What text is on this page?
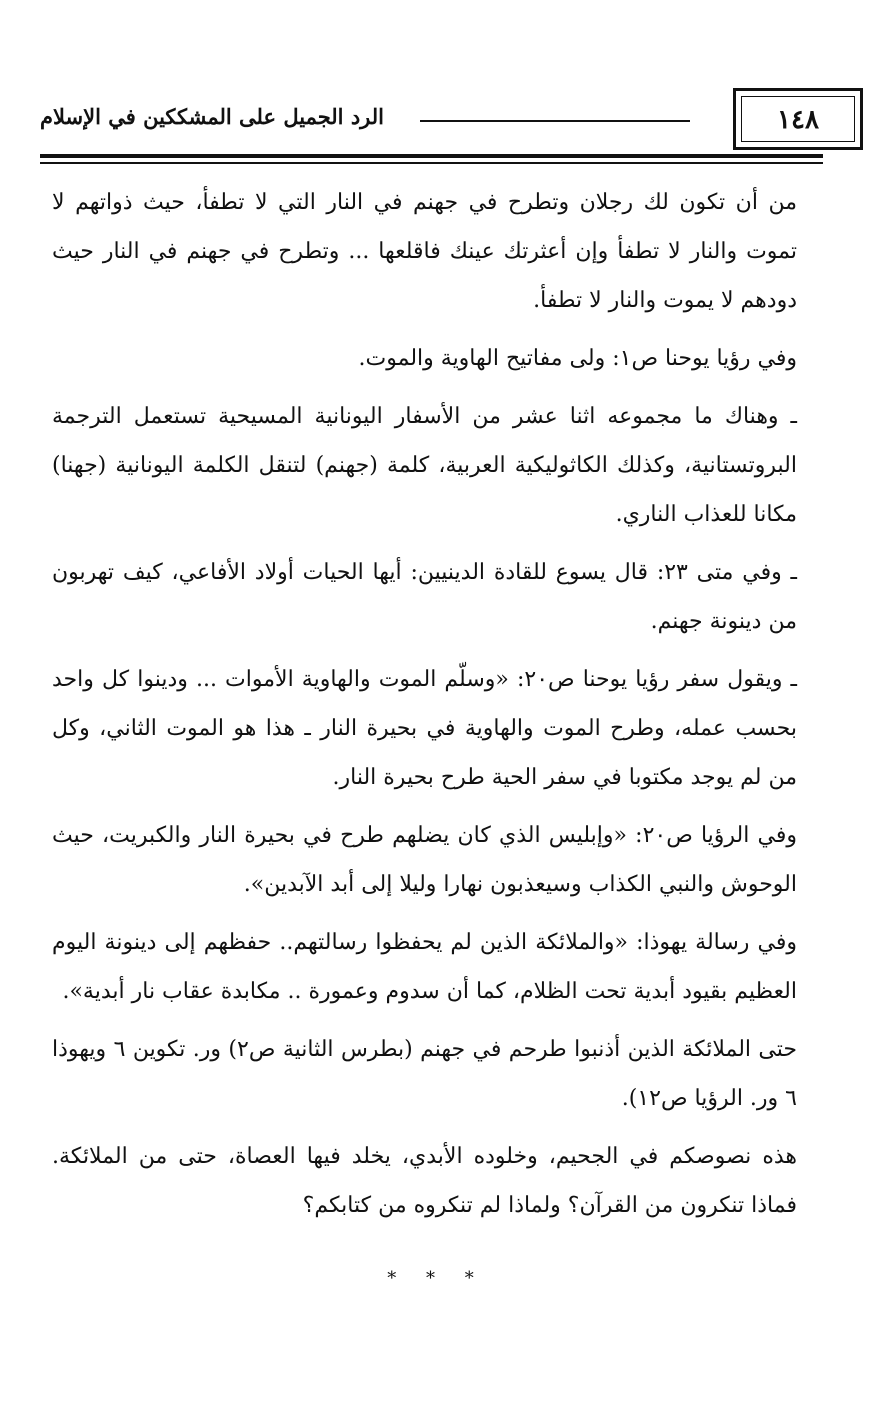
١٤٨
الرد الجميل على المشككين في الإسلام

من أن تكون لك رجلان وتطرح في جهنم في النار التي لا تطفأ، حيث ذواتهم لا تموت والنار لا تطفأ وإن أعثرتك عينك فاقلعها ... وتطرح في جهنم في النار حيث دودهم لا يموت والنار لا تطفأ.

وفي رؤيا يوحنا ص١: ولى مفاتيح الهاوية والموت.

ـ وهناك ما مجموعه اثنا عشر من الأسفار اليونانية المسيحية تستعمل الترجمة البروتستانية، وكذلك الكاثوليكية العربية، كلمة (جهنم) لتنقل الكلمة اليونانية (جهنا) مكانا للعذاب الناري.

ـ وفي متى ٢٣: قال يسوع للقادة الدينيين: أيها الحيات أولاد الأفاعي، كيف تهربون من دينونة جهنم.

ـ ويقول سفر رؤيا يوحنا ص٢٠: «وسلّم الموت والهاوية الأموات ... ودينوا كل واحد بحسب عمله، وطرح الموت والهاوية في بحيرة النار ـ هذا هو الموت الثاني، وكل من لم يوجد مكتوبا في سفر الحية طرح بحيرة النار.

وفي الرؤيا ص٢٠: «وإبليس الذي كان يضلهم طرح في بحيرة النار والكبريت، حيث الوحوش والنبي الكذاب وسيعذبون نهارا وليلا إلى أبد الآبدين».

وفي رسالة يهوذا: «والملائكة الذين لم يحفظوا رسالتهم.. حفظهم إلى دينونة اليوم العظيم بقيود أبدية تحت الظلام، كما أن سدوم وعمورة .. مكابدة عقاب نار أبدية».

حتى الملائكة الذين أذنبوا طرحم في جهنم (بطرس الثانية ص٢) ور. تكوين ٦ ويهوذا ٦ ور. الرؤيا ص١٢).

هذه نصوصكم في الجحيم، وخلوده الأبدي، يخلد فيها العصاة، حتى من الملائكة. فماذا تنكرون من القرآن؟ ولماذا لم تنكروه من كتابكم؟

* * *
